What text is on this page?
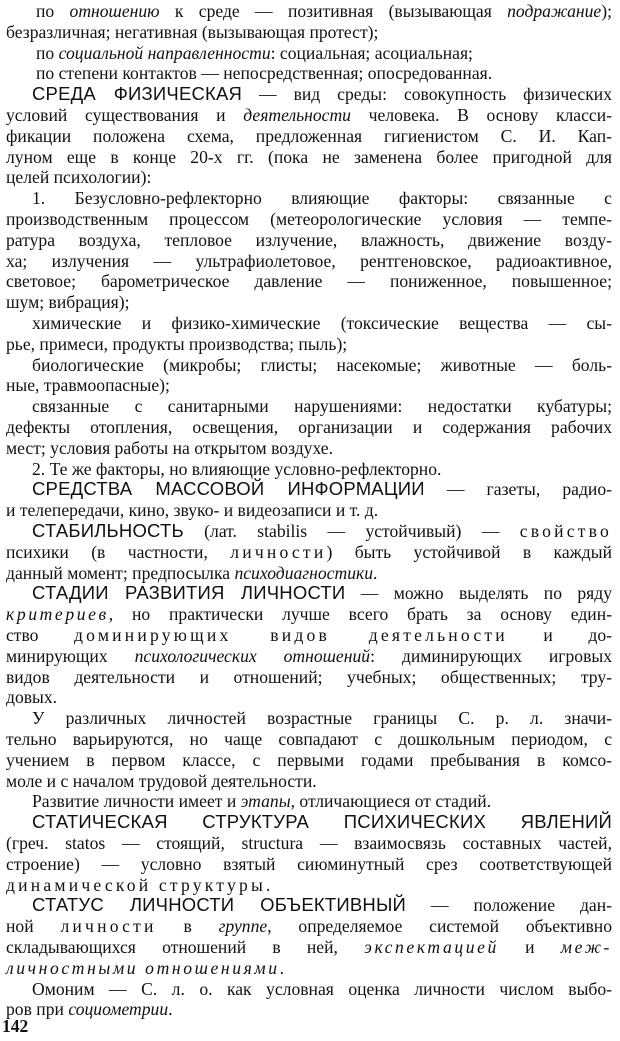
по отношению к среде — позитивная (вызывающая подражание);
безразличная; негативная (вызывающая протест);
по социальной направленности: социальная; асоциальная;
по степени контактов — непосредственная; опосредованная.
СРЕДА ФИЗИЧЕСКАЯ — вид среды: совокупность физических
условий существования и деятельности человека. В основу класси-
фикации положена схема, предложенная гигиенистом С. И. Кап-
луном еще в конце 20-х гг. (пока не заменена более пригодной для
целей психологии):
1. Безусловно-рефлекторно влияющие факторы: связанные с
производственным процессом (метеорологические условия — темпе-
ратура воздуха, тепловое излучение, влажность, движение возду-
ха; излучения — ультрафиолетовое, рентгеновское, радиоактивное,
световое; барометрическое давление — пониженное, повышенное;
шум; вибрация);
химические и физико-химические (токсические вещества — сы-
рье, примеси, продукты производства; пыль);
биологические (микробы; глисты; насекомые; животные — боль-
ные, травмоопасные);
связанные с санитарными нарушениями: недостатки кубатуры;
дефекты отопления, освещения, организации и содержания рабочих
мест; условия работы на открытом воздухе.
2. Те же факторы, но влияющие условно-рефлекторно.
СРЕДСТВА МАССОВОЙ ИНФОРМАЦИИ — газеты, радио-
и телепередачи, кино, звуко- и видеозаписи и т. д.
СТАБИЛЬНОСТЬ (лат. stabilis — устойчивый) — свойство
психики (в частности, личности) быть устойчивой в каждый
данный момент; предпосылка психодиагностики.
СТАДИИ РАЗВИТИЯ ЛИЧНОСТИ — можно выделять по ряду
критериев, но практически лучше всего брать за основу един-
ство доминирующих видов деятельности и до-
минирующих психологических отношений: диминирующих игровых
видов деятельности и отношений; учебных; общественных; тру-
довых.
У различных личностей возрастные границы С. р. л. значи-
тельно варьируются, но чаще совпадают с дошкольным периодом, с
учением в первом классе, с первыми годами пребывания в комсо-
моле и с началом трудовой деятельности.
Развитие личности имеет и этапы, отличающиеся от стадий.
СТАТИЧЕСКАЯ СТРУКТУРА ПСИХИЧЕСКИХ ЯВЛЕНИЙ
(греч. statos — стоящий, structura — взаимосвязь составных частей,
строение) — условно взятый сиюминутный срез соответствующей
динамической структуры.
СТАТУС ЛИЧНОСТИ ОБЪЕКТИВНЫЙ — положение дан-
ной личности в группе, определяемое системой объективно
складывающихся отношений в ней, экспектацией и меж-
личностными отношениями.
Омоним — С. л. о. как условная оценка личности числом выбо-
ров при социометрии.
142
